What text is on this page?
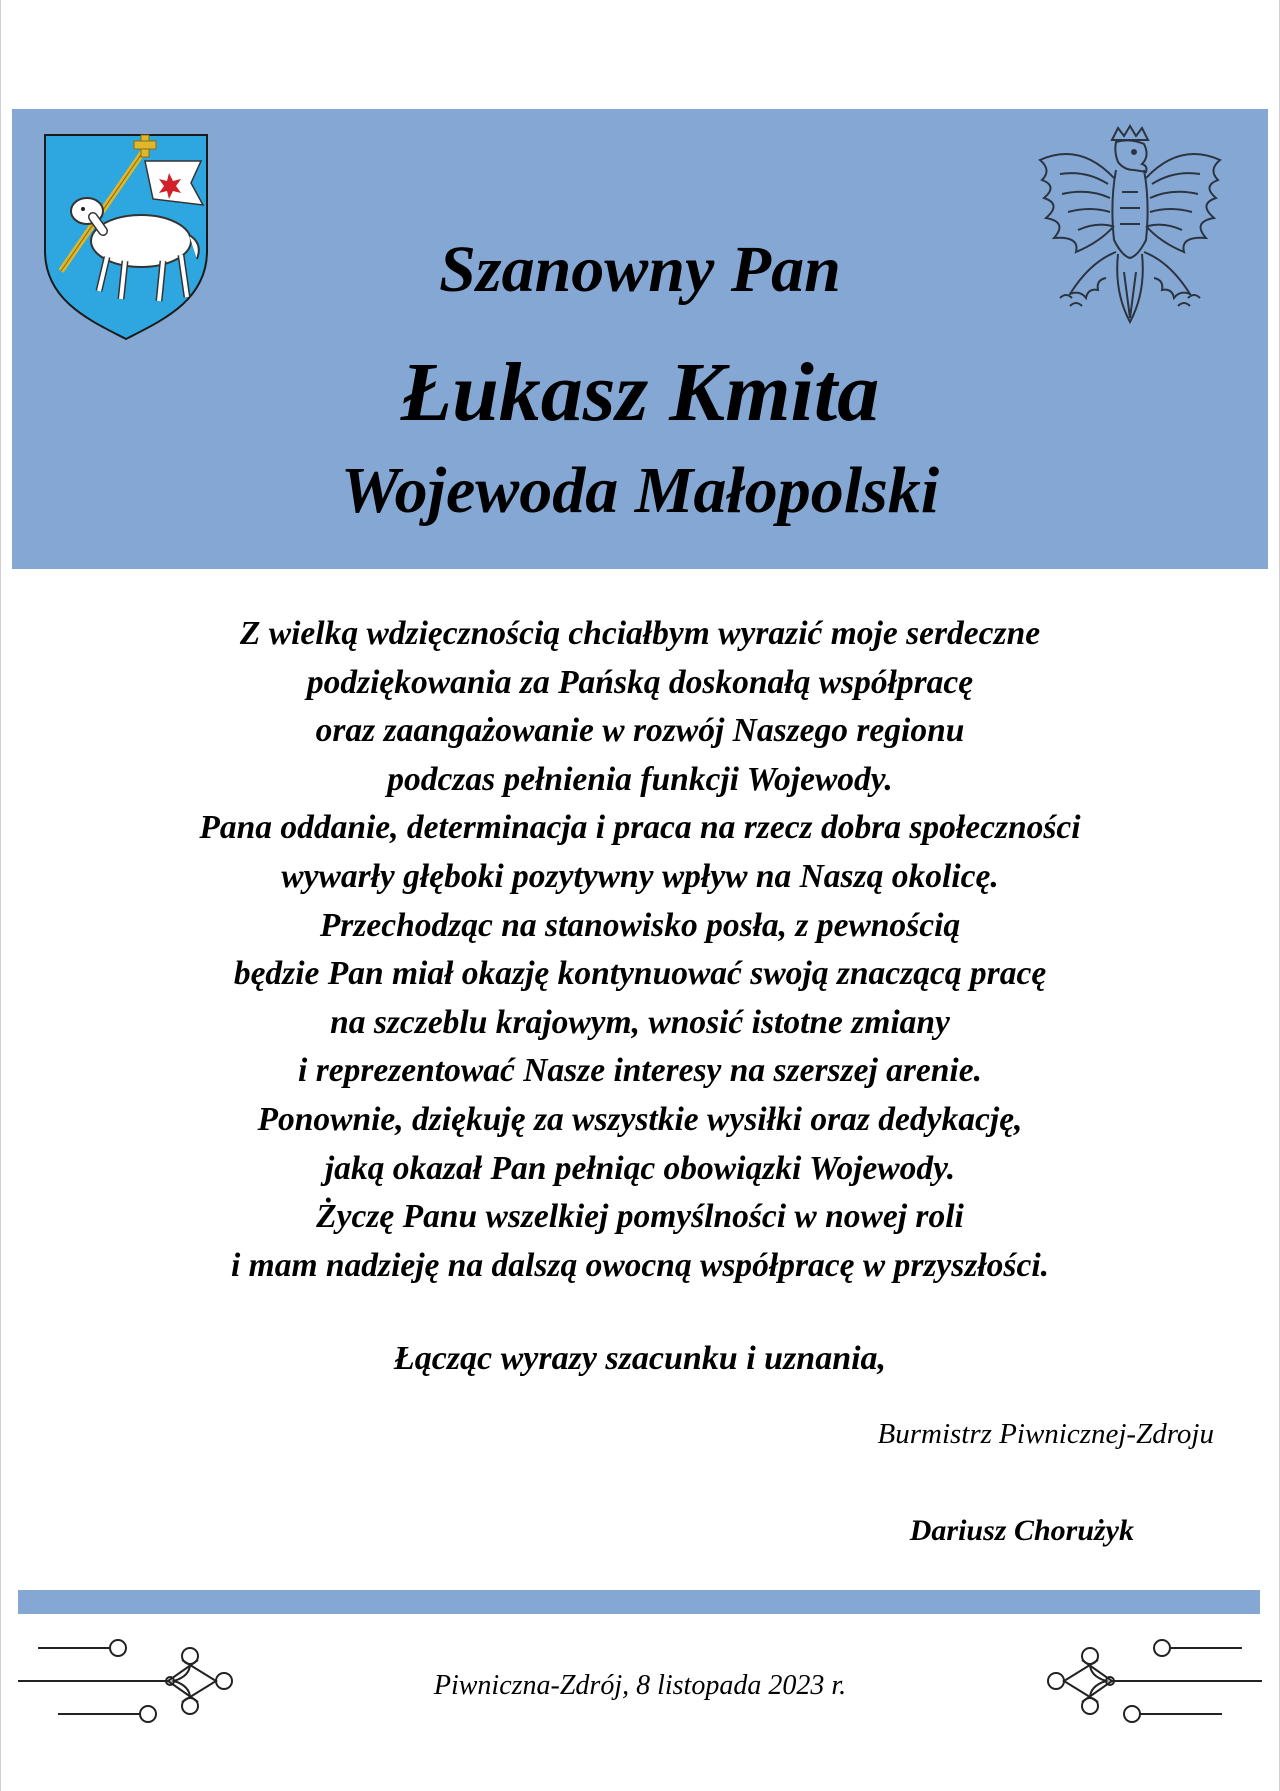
Szanowny Pan
Łukasz Kmita
Wojewoda Małopolski
Z wielką wdzięcznością chciałbym wyrazić moje serdeczne
podziękowania za Pańską doskonałą współpracę
oraz zaangażowanie w rozwój Naszego regionu
podczas pełnienia funkcji Wojewody.
Pana oddanie, determinacja i praca na rzecz dobra społeczności
wywarły głęboki pozytywny wpływ na Naszą okolicę.
Przechodząc na stanowisko posła, z pewnością
będzie Pan miał okazję kontynuować swoją znaczącą pracę
na szczeblu krajowym, wnosić istotne zmiany
i reprezentować Nasze interesy na szerszej arenie.
Ponownie, dziękuję za wszystkie wysiłki oraz dedykację,
jaką okazał Pan pełniąc obowiązki Wojewody.
Życzę Panu wszelkiej pomyślności w nowej roli
i mam nadzieję na dalszą owocną współpracę w przyszłości.
Łącząc wyrazy szacunku i uznania,
Burmistrz Piwnicznej-Zdroju
Dariusz Chorużyk
Piwniczna-Zdrój, 8 listopada 2023 r.
